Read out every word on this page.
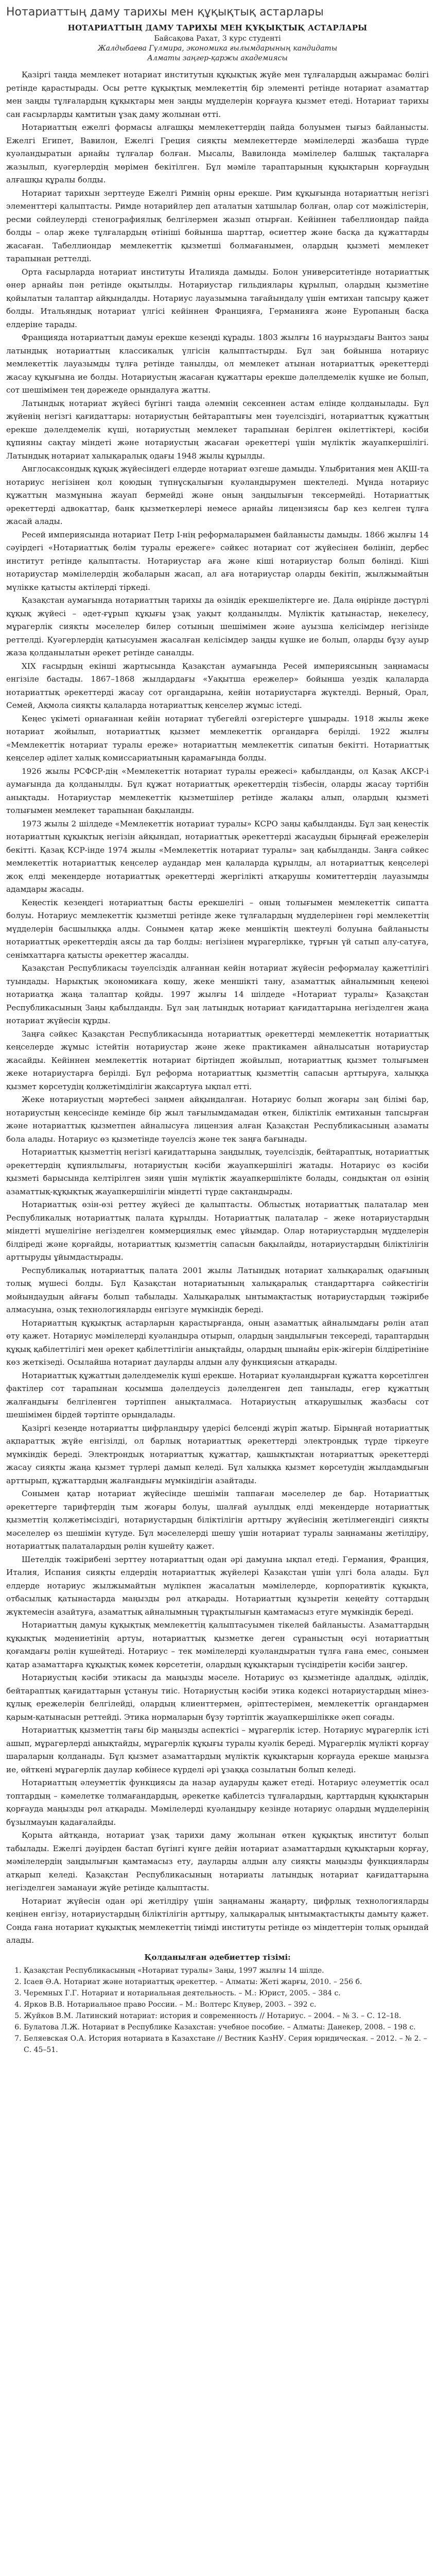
Нотариаттың даму тарихы мен құқықтық астарлары

НОТАРИАТТЫҢ ДАМУ ТАРИХЫ МЕН ҚҰҚЫҚТЫҚ АСТАРЛАРЫ

Байсақова Рахат, 3 курс студенті

Жалдыбаева Гүлмира, экономика ғылымдарының кандидаты

Алматы заңгер-қаржы академиясы

Қазіргі таңда мемлекет нотариат институтын құқықтық жүйе мен тұлғалардың ажырамас бөлігі ретінде қарастырады. Осы ретте құқықтық мемлекеттің бір элементі ретінде нотариат азаматтар мен заңды тұлғалардың құқықтары мен заңды мүдделерін қорғауға қызмет етеді. Нотариат тарихы сан ғасырларды қамтитын ұзақ даму жолынан өтті.

Нотариаттың ежелгі формасы алғашқы мемлекеттердің пайда болуымен тығыз байланысты. Ежелгі Египет, Вавилон, Ежелгі Греция сияқты мемлекеттерде мәмілелерді жазбаша түрде куәландыратын арнайы тұлғалар болған. Мысалы, Вавилонда мәмілелер балшық тақталарға жазылып, куәгерлердің мөрімен бекітілген. Бұл мәміле тараптарының құқықтарын қорғаудың алғашқы құралы болды.

Нотариат тарихын зерттеуде Ежелгі Римнің орны ерекше. Рим құқығында нотариаттың негізгі элементтері қалыптасты. Римде нотарийлер деп аталатын хатшылар болған, олар сот мәжілістерін, ресми сөйлеулерді стенографиялық белгілермен жазып отырған. Кейіннен табеллиондар пайда болды – олар жеке тұлғалардың өтініші бойынша шарттар, өсиеттер және басқа да құжаттарды жасаған. Табеллиондар мемлекеттік қызметші болмағанымен, олардың қызметі мемлекет тарапынан реттелді.

Орта ғасырларда нотариат институты Италияда дамыды. Болон университетінде нотариаттық өнер арнайы пән ретінде оқытылды. Нотариустар гильдиялары құрылып, олардың қызметіне қойылатын талаптар айқындалды. Нотариус лауазымына тағайындалу үшін емтихан тапсыру қажет болды. Итальяндық нотариат үлгісі кейіннен Францияға, Германияға және Еуропаның басқа елдеріне тарады.

Францияда нотариаттың дамуы ерекше кезеңді құрады. 1803 жылғы 16 наурыздағы Вантоз заңы латындық нотариаттың классикалық үлгісін қалыптастырды. Бұл заң бойынша нотариус мемлекеттік лауазымды тұлға ретінде танылды, ол мемлекет атынан нотариаттық әрекеттерді жасау құқығына ие болды. Нотариустың жасаған құжаттары ерекше дәлелдемелік күшке ие болып, сот шешімімен тең дәрежеде орындалуға жатты.

Латындық нотариат жүйесі бүгінгі таңда әлемнің сексеннен астам елінде қолданылады. Бұл жүйенің негізгі қағидаттары: нотариустың бейтараптығы мен тәуелсіздігі, нотариаттық құжаттың ерекше дәлелдемелік күші, нотариустың мемлекет тарапынан берілген өкілеттіктері, кәсіби құпияны сақтау міндеті және нотариустың жасаған әрекеттері үшін мүліктік жауапкершілігі. Латындық нотариат халықаралық одағы 1948 жылы құрылды.

Англосаксондық құқық жүйесіндегі елдерде нотариат өзгеше дамыды. Ұлыбритания мен АҚШ-та нотариус негізінен қол қоюдың түпнұсқалығын куәландырумен шектеледі. Мұнда нотариус құжаттың мазмұнына жауап бермейді және оның заңдылығын тексермейді. Нотариаттық әрекеттерді адвокаттар, банк қызметкерлері немесе арнайы лицензиясы бар кез келген тұлға жасай алады.

Ресей империясында нотариат Петр I-нің реформаларымен байланысты дамыды. 1866 жылғы 14 сәуірдегі «Нотариаттық бөлім туралы ережеге» сәйкес нотариат сот жүйесінен бөлініп, дербес институт ретінде қалыптасты. Нотариустар аға және кіші нотариустар болып бөлінді. Кіші нотариустар мәмілелердің жобаларын жасап, ал аға нотариустар оларды бекітіп, жылжымайтын мүлікке қатысты актілерді тіркеді.

Қазақстан аумағында нотариаттың тарихы да өзіндік ерекшеліктерге ие. Дала өңірінде дәстүрлі құқық жүйесі – әдет-ғұрып құқығы ұзақ уақыт қолданылды. Мүліктік қатынастар, некелесу, мұрагерлік сияқты мәселелер билер сотының шешімімен және ауызша келісімдер негізінде реттелді. Куәгерлердің қатысуымен жасалған келісімдер заңды күшке ие болып, оларды бұзу ауыр жаза қолданылатын әрекет ретінде саналды.

XIX ғасырдың екінші жартысында Қазақстан аумағында Ресей империясының заңнамасы енгізіле бастады. 1867–1868 жылдардағы «Уақытша ережелер» бойынша уездік қалаларда нотариаттық әрекеттерді жасау сот органдарына, кейін нотариустарға жүктелді. Верный, Орал, Семей, Ақмола сияқты қалаларда нотариаттық кеңселер жұмыс істеді.

Кеңес үкіметі орнағаннан кейін нотариат түбегейлі өзгерістерге ұшырады. 1918 жылы жеке нотариат жойылып, нотариаттық қызмет мемлекеттік органдарға берілді. 1922 жылғы «Мемлекеттік нотариат туралы ереже» нотариаттың мемлекеттік сипатын бекітті. Нотариаттық кеңселер әділет халық комиссариатының қарамағында болды.

1926 жылы РСФСР-дің «Мемлекеттік нотариат туралы ережесі» қабылданды, ол Қазақ АКСР-і аумағында да қолданылды. Бұл құжат нотариаттық әрекеттердің тізбесін, оларды жасау тәртібін анықтады. Нотариустар мемлекеттік қызметшілер ретінде жалақы алып, олардың қызметі толығымен мемлекет тарапынан бақыланды.

1973 жылы 2 шілдеде «Мемлекеттік нотариат туралы» КСРО заңы қабылданды. Бұл заң кеңестік нотариаттың құқықтық негізін айқындап, нотариаттық әрекеттерді жасаудың бірыңғай ережелерін бекітті. Қазақ КСР-інде 1974 жылы «Мемлекеттік нотариат туралы» заң қабылданды. Заңға сәйкес мемлекеттік нотариаттық кеңселер аудандар мен қалаларда құрылды, ал нотариаттық кеңселері жоқ елді мекендерде нотариаттық әрекеттерді жергілікті атқарушы комитеттердің лауазымды адамдары жасады.

Кеңестік кезеңдегі нотариаттың басты ерекшелігі – оның толығымен мемлекеттік сипатта болуы. Нотариус мемлекеттік қызметші ретінде жеке тұлғалардың мүдделерінен гөрі мемлекеттің мүдделерін басшылыққа алды. Сонымен қатар жеке меншіктің шектеулі болуына байланысты нотариаттық әрекеттердің аясы да тар болды: негізінен мұрагерлікке, тұрғын үй сатып алу-сатуға, сенімхаттарға қатысты әрекеттер жасалды.

Қазақстан Республикасы тәуелсіздік алғаннан кейін нотариат жүйесін реформалау қажеттілігі туындады. Нарықтық экономикаға көшу, жеке меншікті тану, азаматтық айналымның кеңеюі нотариатқа жаңа талаптар қойды. 1997 жылғы 14 шілдеде «Нотариат туралы» Қазақстан Республикасының Заңы қабылданды. Бұл заң латындық нотариат қағидаттарына негізделген жаңа нотариат жүйесін құрды.

Заңға сәйкес Қазақстан Республикасында нотариаттық әрекеттерді мемлекеттік нотариаттық кеңселерде жұмыс істейтін нотариустар және жеке практикамен айналысатын нотариустар жасайды. Кейіннен мемлекеттік нотариат біртіндеп жойылып, нотариаттық қызмет толығымен жеке нотариустарға берілді. Бұл реформа нотариаттық қызметтің сапасын арттыруға, халыққа қызмет көрсетудің қолжетімділігін жақсартуға ықпал етті.

Жеке нотариустың мәртебесі заңмен айқындалған. Нотариус болып жоғары заң білімі бар, нотариустың кеңсесінде кемінде бір жыл тағылымдамадан өткен, біліктілік емтиханын тапсырған және нотариаттық қызметпен айналысуға лицензия алған Қазақстан Республикасының азаматы бола алады. Нотариус өз қызметінде тәуелсіз және тек заңға бағынады.

Нотариаттық қызметтің негізгі қағидаттарына заңдылық, тәуелсіздік, бейтараптық, нотариаттық әрекеттердің құпиялылығы, нотариустың кәсіби жауапкершілігі жатады. Нотариус өз кәсіби қызметі барысында келтірілген зиян үшін мүліктік жауапкершілікте болады, сондықтан ол өзінің азаматтық-құқықтық жауапкершілігін міндетті түрде сақтандырады.

Нотариаттық өзін-өзі реттеу жүйесі де қалыптасты. Облыстық нотариаттық палаталар мен Республикалық нотариаттық палата құрылды. Нотариаттық палаталар – жеке нотариустардың міндетті мүшелігіне негізделген коммерциялық емес ұйымдар. Олар нотариустардың мүдделерін білдіреді және қорғайды, нотариаттық қызметтің сапасын бақылайды, нотариустардың біліктілігін арттыруды ұйымдастырады.

Республикалық нотариаттық палата 2001 жылы Латындық нотариат халықаралық одағының толық мүшесі болды. Бұл Қазақстан нотариатының халықаралық стандарттарға сәйкестігін мойындаудың айғағы болып табылады. Халықаралық ынтымақтастық нотариустардың тәжірибе алмасуына, озық технологияларды енгізуге мүмкіндік береді.

Нотариаттың құқықтық астарларын қарастырғанда, оның азаматтық айналымдағы рөлін атап өту қажет. Нотариус мәмілелерді куәландыра отырып, олардың заңдылығын тексереді, тараптардың құқық қабілеттілігі мен әрекет қабілеттілігін анықтайды, олардың шынайы ерік-жігерін білдіретініне көз жеткізеді. Осылайша нотариат дауларды алдын алу функциясын атқарады.

Нотариаттық құжаттың дәлелдемелік күші ерекше. Нотариат куәландырған құжатта көрсетілген фактілер сот тарапынан қосымша дәлелдеусіз дәлелденген деп танылады, егер құжаттың жалғандығы белгіленген тәртіппен анықталмаса. Нотариустың атқарушылық жазбасы сот шешімімен бірдей тәртіпте орындалады.

Қазіргі кезеңде нотариатты цифрландыру үдерісі белсенді жүріп жатыр. Бірыңғай нотариаттық ақпараттық жүйе енгізілді, ол барлық нотариаттық әрекеттерді электрондық түрде тіркеуге мүмкіндік береді. Электрондық нотариаттық құжаттар, қашықтықтан нотариаттық әрекеттерді жасау сияқты жаңа қызмет түрлері дамып келеді. Бұл халыққа қызмет көрсетудің жылдамдығын арттырып, құжаттардың жалғандығы мүмкіндігін азайтады.

Сонымен қатар нотариат жүйесінде шешімін таппаған мәселелер де бар. Нотариаттық әрекеттерге тарифтердің тым жоғары болуы, шалғай ауылдық елді мекендерде нотариаттық қызметтің қолжетімсіздігі, нотариустардың біліктілігін арттыру жүйесінің жетілмегендігі сияқты мәселелер өз шешімін күтуде. Бұл мәселелерді шешу үшін нотариат туралы заңнаманы жетілдіру, нотариаттық палаталардың рөлін күшейту қажет.

Шетелдік тәжірибені зерттеу нотариаттың одан әрі дамуына ықпал етеді. Германия, Франция, Италия, Испания сияқты елдердің нотариаттық жүйелері Қазақстан үшін үлгі бола алады. Бұл елдерде нотариус жылжымайтын мүлікпен жасалатын мәмілелерде, корпоративтік құқықта, отбасылық қатынастарда маңызды рөл атқарады. Нотариаттың құзыретін кеңейту соттардың жүктемесін азайтуға, азаматтық айналымның тұрақтылығын қамтамасыз етуге мүмкіндік береді.

Нотариаттың дамуы құқықтық мемлекеттің қалыптасуымен тікелей байланысты. Азаматтардың құқықтық мәдениетінің артуы, нотариаттық қызметке деген сұраныстың өсуі нотариаттың қоғамдағы рөлін күшейтеді. Нотариус – тек мәмілелерді куәландыратын тұлға ғана емес, сонымен қатар азаматтарға құқықтық көмек көрсететін, олардың құқықтарын түсіндіретін кәсіби заңгер.

Нотариустың кәсіби этикасы да маңызды мәселе. Нотариус өз қызметінде адалдық, әділдік, бейтараптық қағидаттарын ұстануы тиіс. Нотариустың кәсіби этика кодексі нотариустардың мінез-құлық ережелерін белгілейді, олардың клиенттермен, әріптестерімен, мемлекеттік органдармен қарым-қатынасын реттейді. Этика нормаларын бұзу тәртіптік жауапкершілікке әкеп соғады.

Нотариаттық қызметтің тағы бір маңызды аспектісі – мұрагерлік істер. Нотариус мұрагерлік істі ашып, мұрагерлерді анықтайды, мұрагерлік құқығы туралы куәлік береді. Мұрагерлік мүлікті қорғау шараларын қолданады. Бұл қызмет азаматтардың мүліктік құқықтарын қорғауда ерекше маңызға ие, өйткені мұрагерлік даулар көбінесе күрделі әрі ұзаққа созылатын болып келеді.

Нотариаттың әлеуметтік функциясы да назар аударуды қажет етеді. Нотариус әлеуметтік осал топтардың – кәмелетке толмағандардың, әрекетке қабілетсіз тұлғалардың, қарттардың құқықтарын қорғауда маңызды рөл атқарады. Мәмілелерді куәландыру кезінде нотариус олардың мүдделерінің бұзылмауын қадағалайды.

Қорыта айтқанда, нотариат ұзақ тарихи даму жолынан өткен құқықтық институт болып табылады. Ежелгі дәуірден бастап бүгінгі күнге дейін нотариат азаматтардың құқықтарын қорғау, мәмілелердің заңдылығын қамтамасыз ету, дауларды алдын алу сияқты маңызды функцияларды атқарып келеді. Қазақстан Республикасының нотариаты латындық нотариат қағидаттарына негізделген заманауи жүйе ретінде қалыптасты.

Нотариат жүйесін одан әрі жетілдіру үшін заңнаманы жаңарту, цифрлық технологияларды кеңінен енгізу, нотариустардың біліктілігін арттыру, халықаралық ынтымақтастықты дамыту қажет. Сонда ғана нотариат құқықтық мемлекеттің тиімді институты ретінде өз міндеттерін толық орындай алады.

Қолданылған әдебиеттер тізімі:

1. Қазақстан Республикасының «Нотариат туралы» Заңы, 1997 жылғы 14 шілде.
2. Ісаев Ә.А. Нотариат және нотариаттық әрекеттер. – Алматы: Жеті жарғы, 2010. – 256 б.
3. Черемных Г.Г. Нотариат и нотариальная деятельность. – М.: Юрист, 2005. – 384 с.
4. Ярков В.В. Нотариальное право России. – М.: Волтерс Клувер, 2003. – 392 с.
5. Жуйков В.М. Латинский нотариат: история и современность // Нотариус. – 2004. – № 3. – С. 12–18.
6. Булатова Л.Ж. Нотариат в Республике Казахстан: учебное пособие. – Алматы: Данекер, 2008. – 198 с.
7. Беляевская О.А. История нотариата в Казахстане // Вестник КазНУ. Серия юридическая. – 2012. – № 2. – С. 45–51.
